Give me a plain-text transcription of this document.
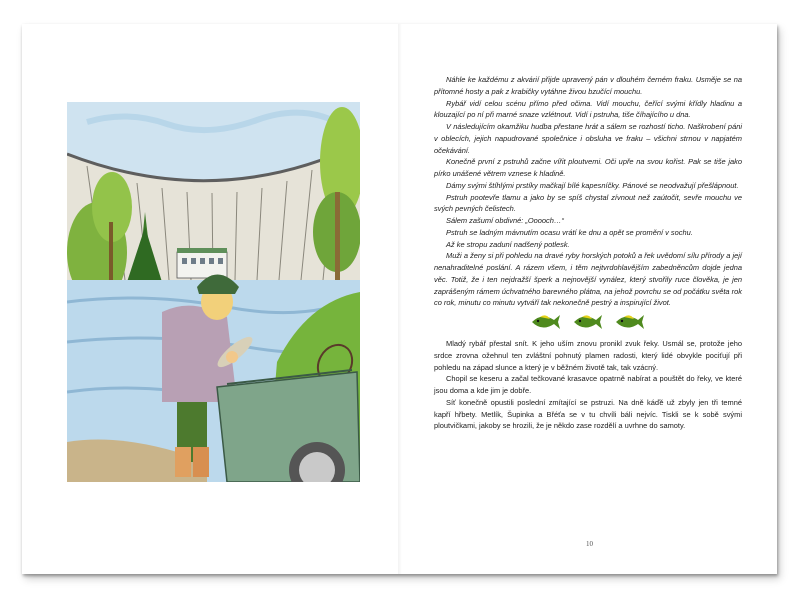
Náhle ke každému z akvárií přijde upravený pán v dlouhém černém fraku. Usměje se na přítomné hosty a pak z krabičky vytáhne živou bzučící mouchu.

Rybář vidí celou scénu přímo před očima. Vidí mouchu, čeřící svými křídly hladinu a klouzající po ní při marné snaze vzlétnout. Vidí i pstruha, tiše číhajícího u dna.

V následujícím okamžiku hudba přestane hrát a sálem se rozhostí ticho. Naškrobení páni v oblecích, jejich napudrované společnice i obsluha ve fraku – všichni strnou v napjatém očekávání.

Konečně první z pstruhů začne vířit ploutvemi. Oči upře na svou kořist. Pak se tiše jako pírko unášené větrem vznese k hladině.

Dámy svými štíhlými prstíky mačkají bílé kapesníčky. Pánové se neodvažují přešlápnout.

Pstruh pootevře tlamu a jako by se spíš chystal zívnout než zaútočit, sevře mouchu ve svých pevných čelistech.

Sálem zašumí obdivné: „Ooooch…“

Pstruh se ladným mávnutím ocasu vrátí ke dnu a opět se promění v sochu.

Až ke stropu zaduní nadšený potlesk.

Muži a ženy si při pohledu na dravé ryby horských potoků a řek uvědomí sílu přírody a její nenahraditelné poslání. A rázem všem, i těm nejtvrdohlavějším zabedněncům dojde jedna věc. Totiž, že i ten nejdražší šperk a nejnovější vynález, který stvořily ruce člověka, je jen zaprášeným rámem úchvatného barevného plátna, na jehož povrchu se od počátku světa rok co rok, minutu co minutu vytváří tak nekonečně pestrý a inspirující život.

Mladý rybář přestal snít. K jeho uším znovu pronikl zvuk řeky. Usmál se, protože jeho srdce zrovna ožehnul ten zvláštní pohnutý plamen radosti, který lidé obvykle pociťují při pohledu na západ slunce a který je v běžném životě tak, tak vzácný.

Chopil se keseru a začal tečkované krasavce opatrně nabírat a pouštět do řeky, ve které jsou doma a kde jim je dobře.

Síť konečně opustili poslední zmítající se pstruzi. Na dně káďě už zbyly jen tři temné kapří hřbety. Metlík, Šupinka a Břéťa se v tu chvíli báli nejvíc. Tiskli se k sobě svými ploutvičkami, jakoby se hrozili, že je někdo zase rozdělí a uvrhne do samoty.

10
